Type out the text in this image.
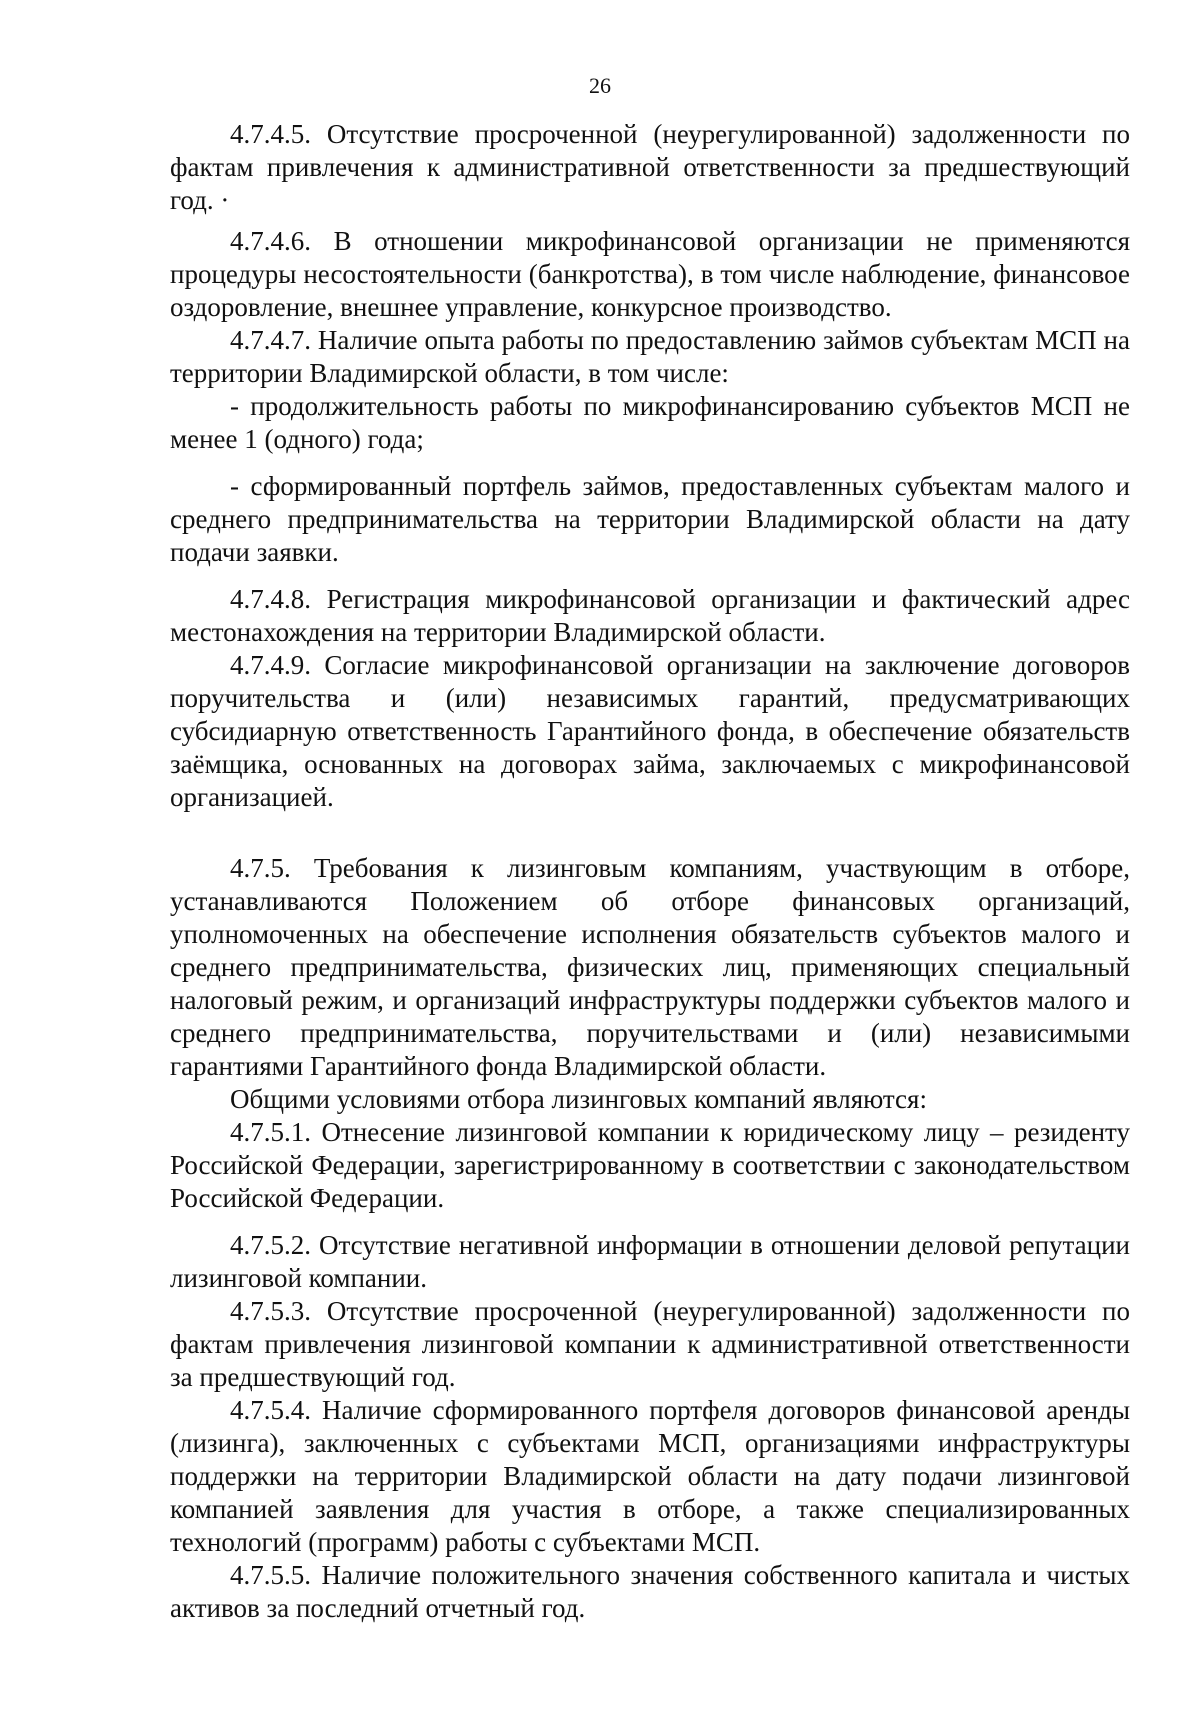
26

4.7.4.5. Отсутствие просроченной (неурегулированной) задолженности по фактам привлечения к административной ответственности за предшествующий год. ·

4.7.4.6. В отношении микрофинансовой организации не применяются процедуры несостоятельности (банкротства), в том числе наблюдение, финансовое оздоровление, внешнее управление, конкурсное производство.

4.7.4.7. Наличие опыта работы по предоставлению займов субъектам МСП на территории Владимирской области, в том числе:

- продолжительность работы по микрофинансированию субъектов МСП не менее 1 (одного) года;

- сформированный портфель займов, предоставленных субъектам малого и среднего предпринимательства на территории Владимирской области на дату подачи заявки.

4.7.4.8. Регистрация микрофинансовой организации и фактический адрес местонахождения на территории Владимирской области.

4.7.4.9. Согласие микрофинансовой организации на заключение договоров поручительства и (или) независимых гарантий, предусматривающих субсидиарную ответственность Гарантийного фонда, в обеспечение обязательств заёмщика, основанных на договорах займа, заключаемых с микрофинансовой организацией.

4.7.5. Требования к лизинговым компаниям, участвующим в отборе, устанавливаются Положением об отборе финансовых организаций, уполномоченных на обеспечение исполнения обязательств субъектов малого и среднего предпринимательства, физических лиц, применяющих специальный налоговый режим, и организаций инфраструктуры поддержки субъектов малого и среднего предпринимательства, поручительствами и (или) независимыми гарантиями Гарантийного фонда Владимирской области.

Общими условиями отбора лизинговых компаний являются:

4.7.5.1. Отнесение лизинговой компании к юридическому лицу – резиденту Российской Федерации, зарегистрированному в соответствии с законодательством Российской Федерации.

4.7.5.2. Отсутствие негативной информации в отношении деловой репутации лизинговой компании.

4.7.5.3. Отсутствие просроченной (неурегулированной) задолженности по фактам привлечения лизинговой компании к административной ответственности за предшествующий год.

4.7.5.4. Наличие сформированного портфеля договоров финансовой аренды (лизинга), заключенных с субъектами МСП, организациями инфраструктуры поддержки на территории Владимирской области на дату подачи лизинговой компанией заявления для участия в отборе, а также специализированных технологий (программ) работы с субъектами МСП.

4.7.5.5. Наличие положительного значения собственного капитала и чистых активов за последний отчетный год.
